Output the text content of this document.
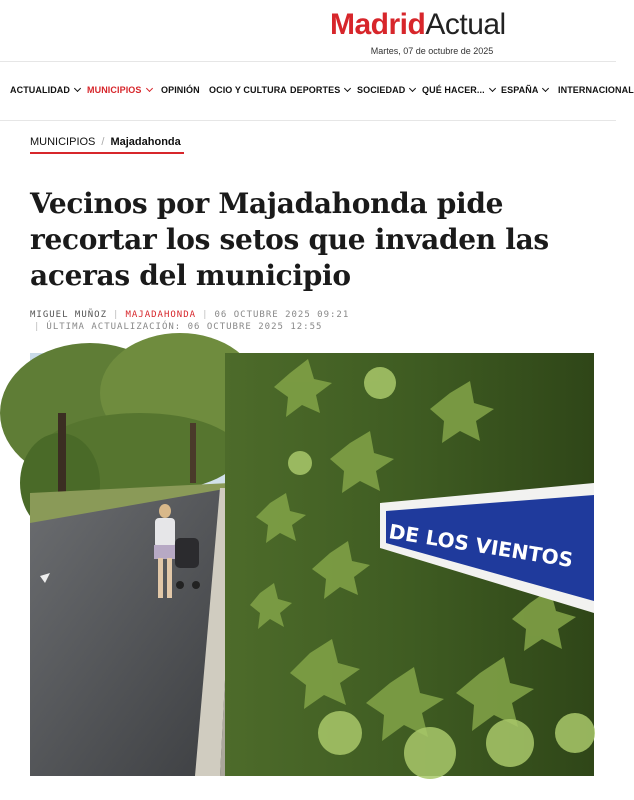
MadridActual
Martes, 07 de octubre de 2025
ACTUALIDAD	MUNICIPIOS	OPINIÓN OCIO Y CULTURA DEPORTES	SOCIEDAD	QUÉ HACER...	ESPAÑA	INTERNACIONAL
MUNICIPIOS / Majadahonda
Vecinos por Majadahonda pide recortar los setos que invaden las aceras del municipio
MIGUEL MUÑOZ | MAJADAHONDA | 06 OCTUBRE 2025 09:21
| ÚLTIMA ACTUALIZACIÓN: 06 OCTUBRE 2025 12:55
DE LOS VIENTOS
